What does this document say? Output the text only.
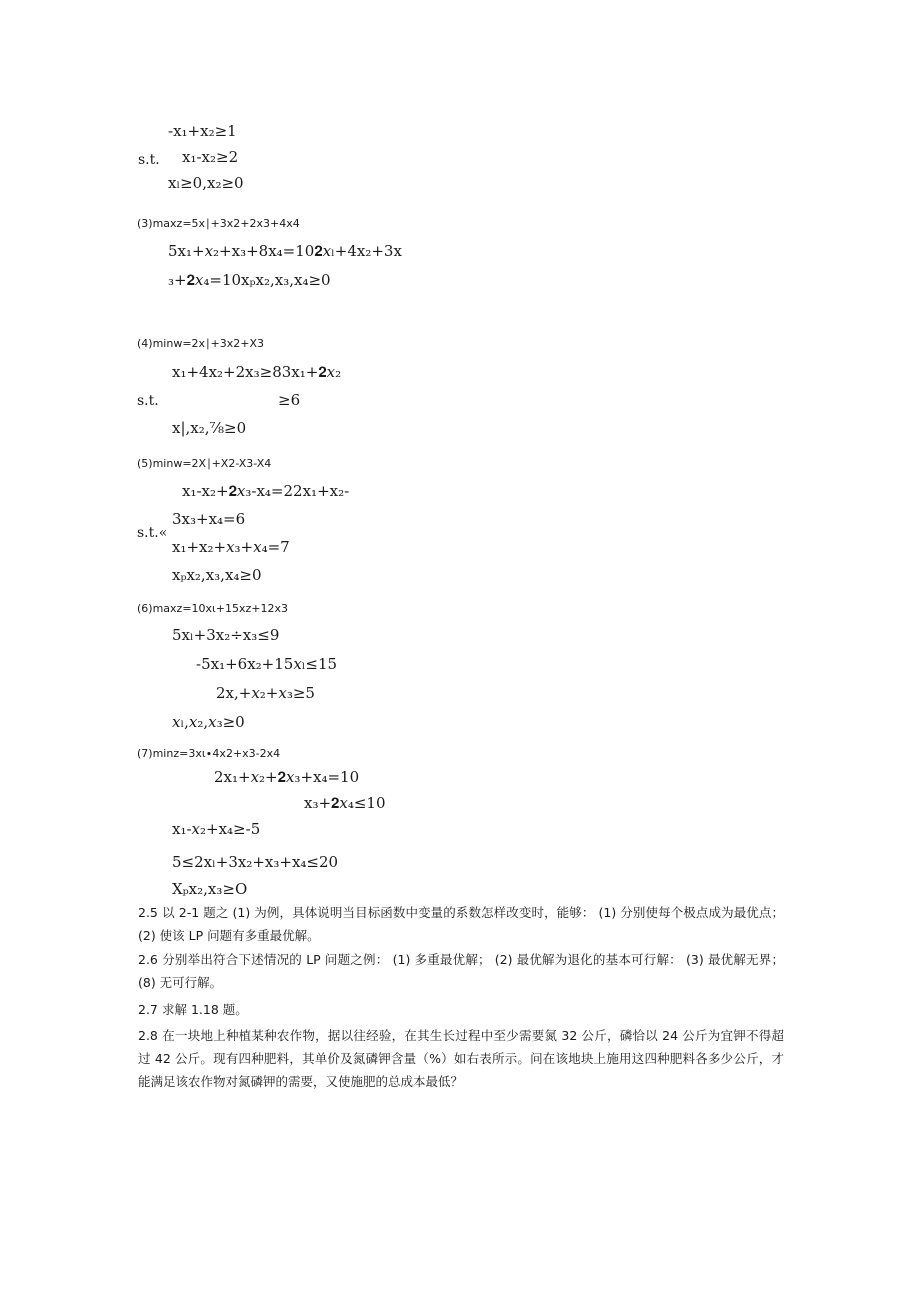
-x₁+x₂≥1
s.t. x₁-x₂≥2
xₗ≥0,x₂≥0
(3)maxz=5x∣+3x2+2x3+4x4
5x₁+𝑥₂+x₃+8x₄=10𝟐𝑥ₗ+4x₂+3x
₃+𝟐𝑥₄=10xₚx₂,x₃,x₄≥0
(4)minw=2x∣+3x2+X3
x₁+4x₂+2x₃≥83x₁+𝟐𝑥₂
s.t.	≥6
x|,x₂,⅞≥0
(5)minw=2X∣+X2-X3-X4
x₁-x₂+𝟐𝑥₃-x₄=22x₁+x₂-
3x₃+x₄=6
s.t.«
x₁+x₂+𝑥₃+𝑥₄=7
xₚx₂,x₃,x₄≥0
(6)maxz=10xι+15xz+12x3
5xₗ+3x₂÷x₃≤9
-5x₁+6x₂+15𝑥ₗ≤15
2x,+𝑥₂+𝑥₃≥5
𝑥ₗ,𝑥₂,𝑥₃≥0
(7)minz=3xι∙4x2+x3-2x4
2x₁+𝑥₂+𝟐𝑥₃+x₄=10
x₃+𝟐𝑥₄≤10
x₁-𝑥₂+x₄≥-5
5≤2xₗ+3x₂+x₃+x₄≤20
Xₚx₂,x₃≥O
2.5 以 2-1 题之 (1) 为例，具体说明当目标函数中变量的系数怎样改变时，能够： (1) 分别使每个极点成为最优点； (2) 使该 LP 问题有多重最优解。
2.6 分别举出符合下述情况的 LP 问题之例： (1) 多重最优解； (2) 最优解为退化的基本可行解： (3) 最优解无界； (8) 无可行解。
2.7 求解 1.18 题。
2.8 在一块地上种植某种农作物，据以往经验，在其生长过程中至少需要氮 32 公斤，磷恰以 24 公斤为宜钾不得超过 42 公斤。现有四种肥料，其单价及氮磷钾含量（%）如右表所示。问在该地块上施用这四种肥料各多少公斤，才能满足该农作物对氮磷钾的需要，又使施肥的总成本最低？
